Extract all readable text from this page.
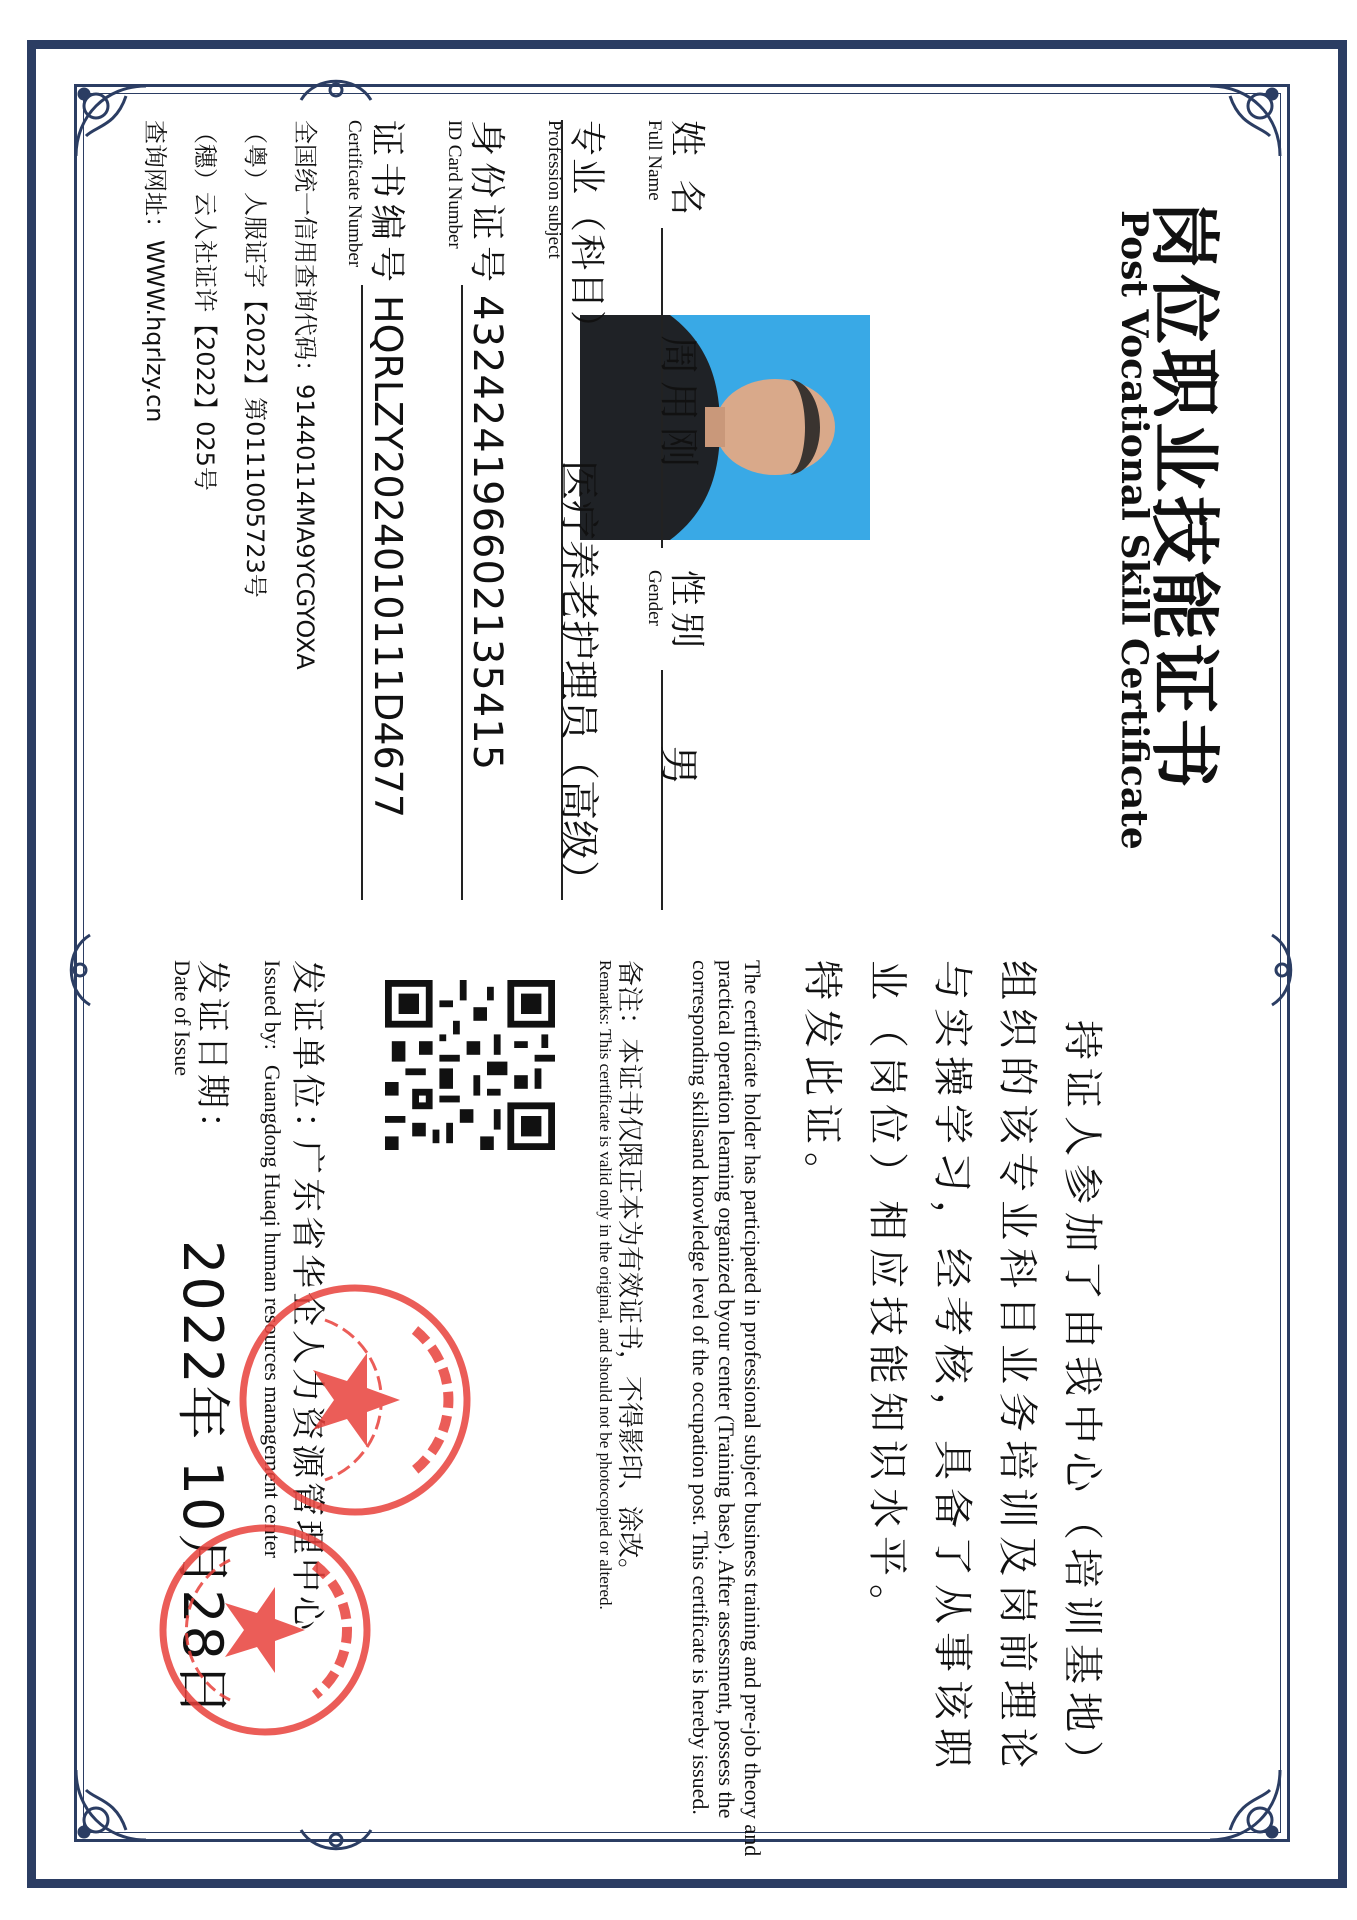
岗位职业技能证书
Post Vocational Skill Certificate
姓 名
Full Name
周用刚
性别
Gender
男
专业（科目）
Profession subject
医疗养老护理员（高级）
身份证号
ID Card Number
432424196602135415
证书编号
Certificate Number
HQRLZY2024010111D4677
全国统一信用查询代码：91440114MA9YCGYOXA
（粤）人服证字【2022】第0111005723号
（穗）云人社证许【2022】025号
查询网址：WWW.hqrlzy.cn
持证人参加了由我中心（培训基地）
组织的该专业科目业务培训及岗前理论
与实操学习，经考核，具备了从事该职
业（岗位）相应技能知识水平。
特发此证。
The certificate holder has participated in professional subject business training and pre-job theory and practical operation learning organized byour center (Training base). After assessment, possess the corresponding skillsand knowledge level of the occupation post. This certificate is hereby issued.
备注：本证书仅限正本为有效证书，不得影印、涂改。
Remarks: This certificate is valid only in the original, and should not be photocopied or altered.
发证单位：
广东省华企人力资源管理中心
Issued by:
Guangdong Huaqi human resources management center
发证日期：
Date of Issue
2022年 10月28日
